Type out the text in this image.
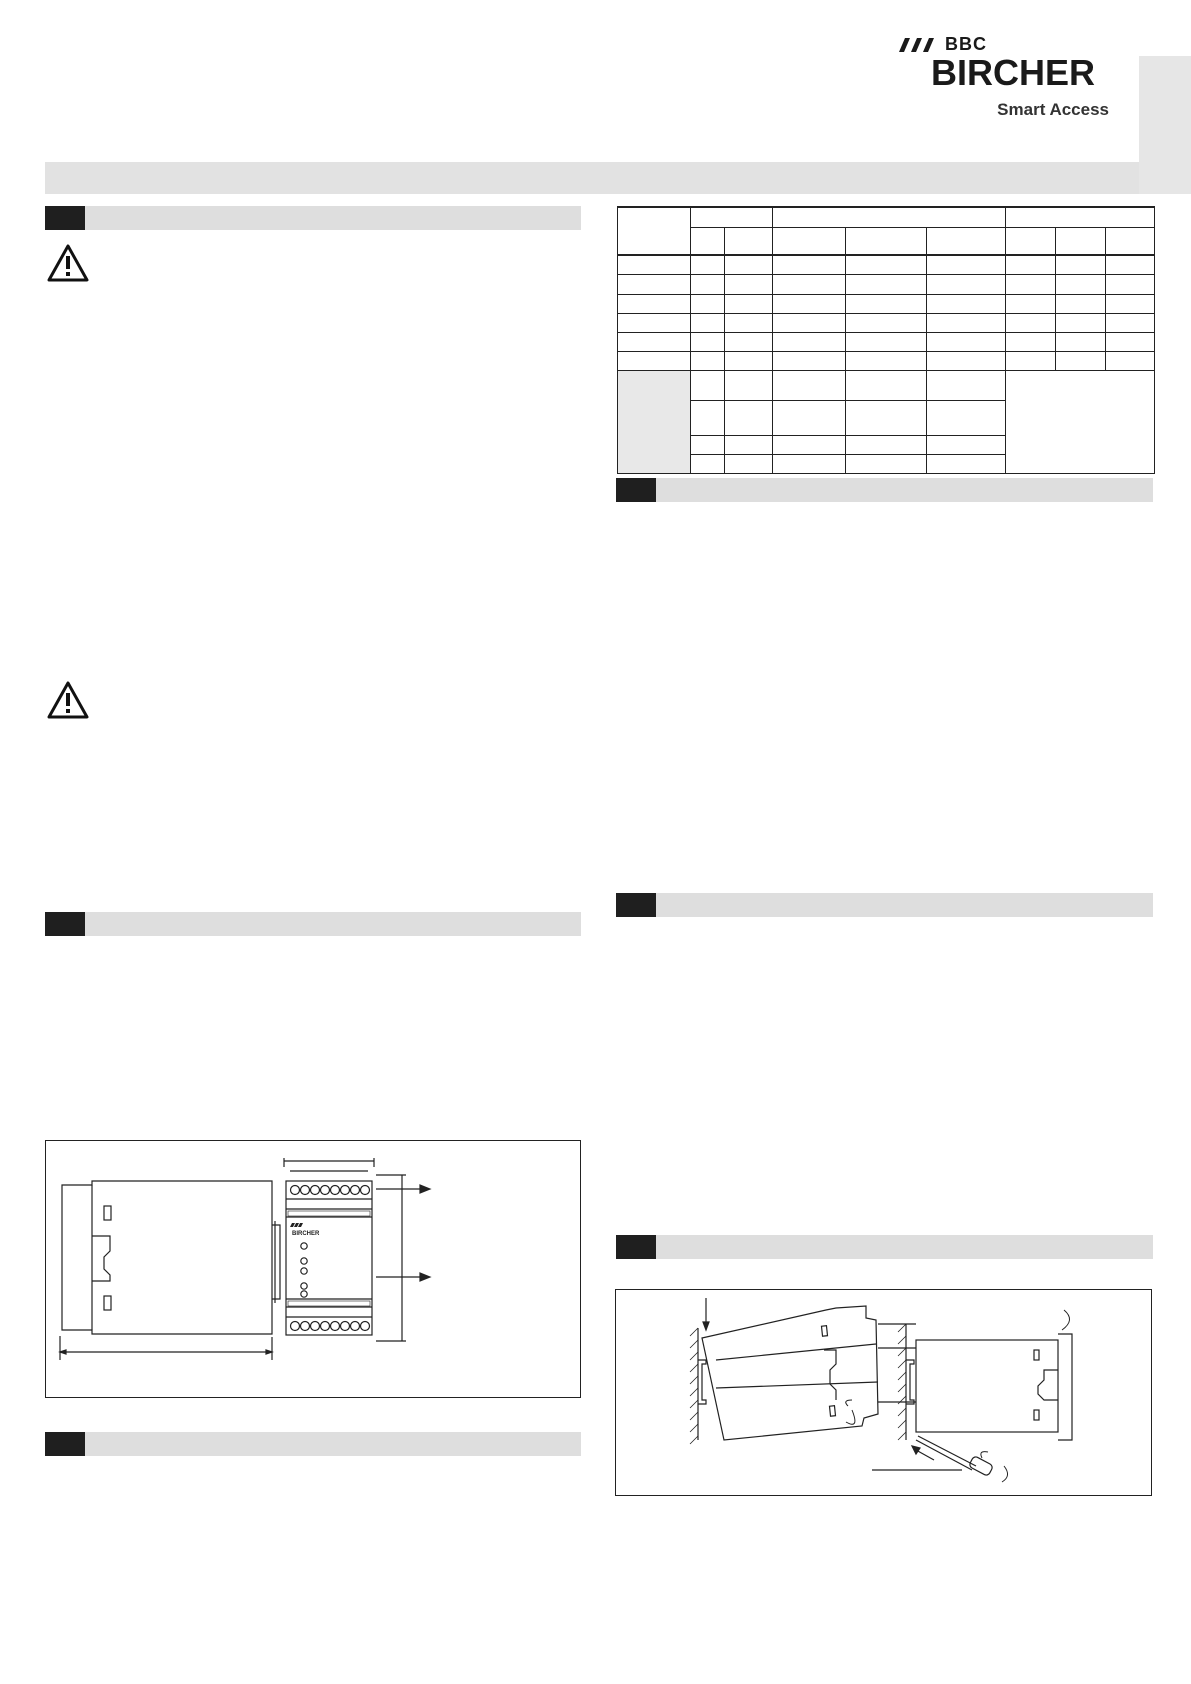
BBC
BIRCHER
Smart Access
BIRCHER
